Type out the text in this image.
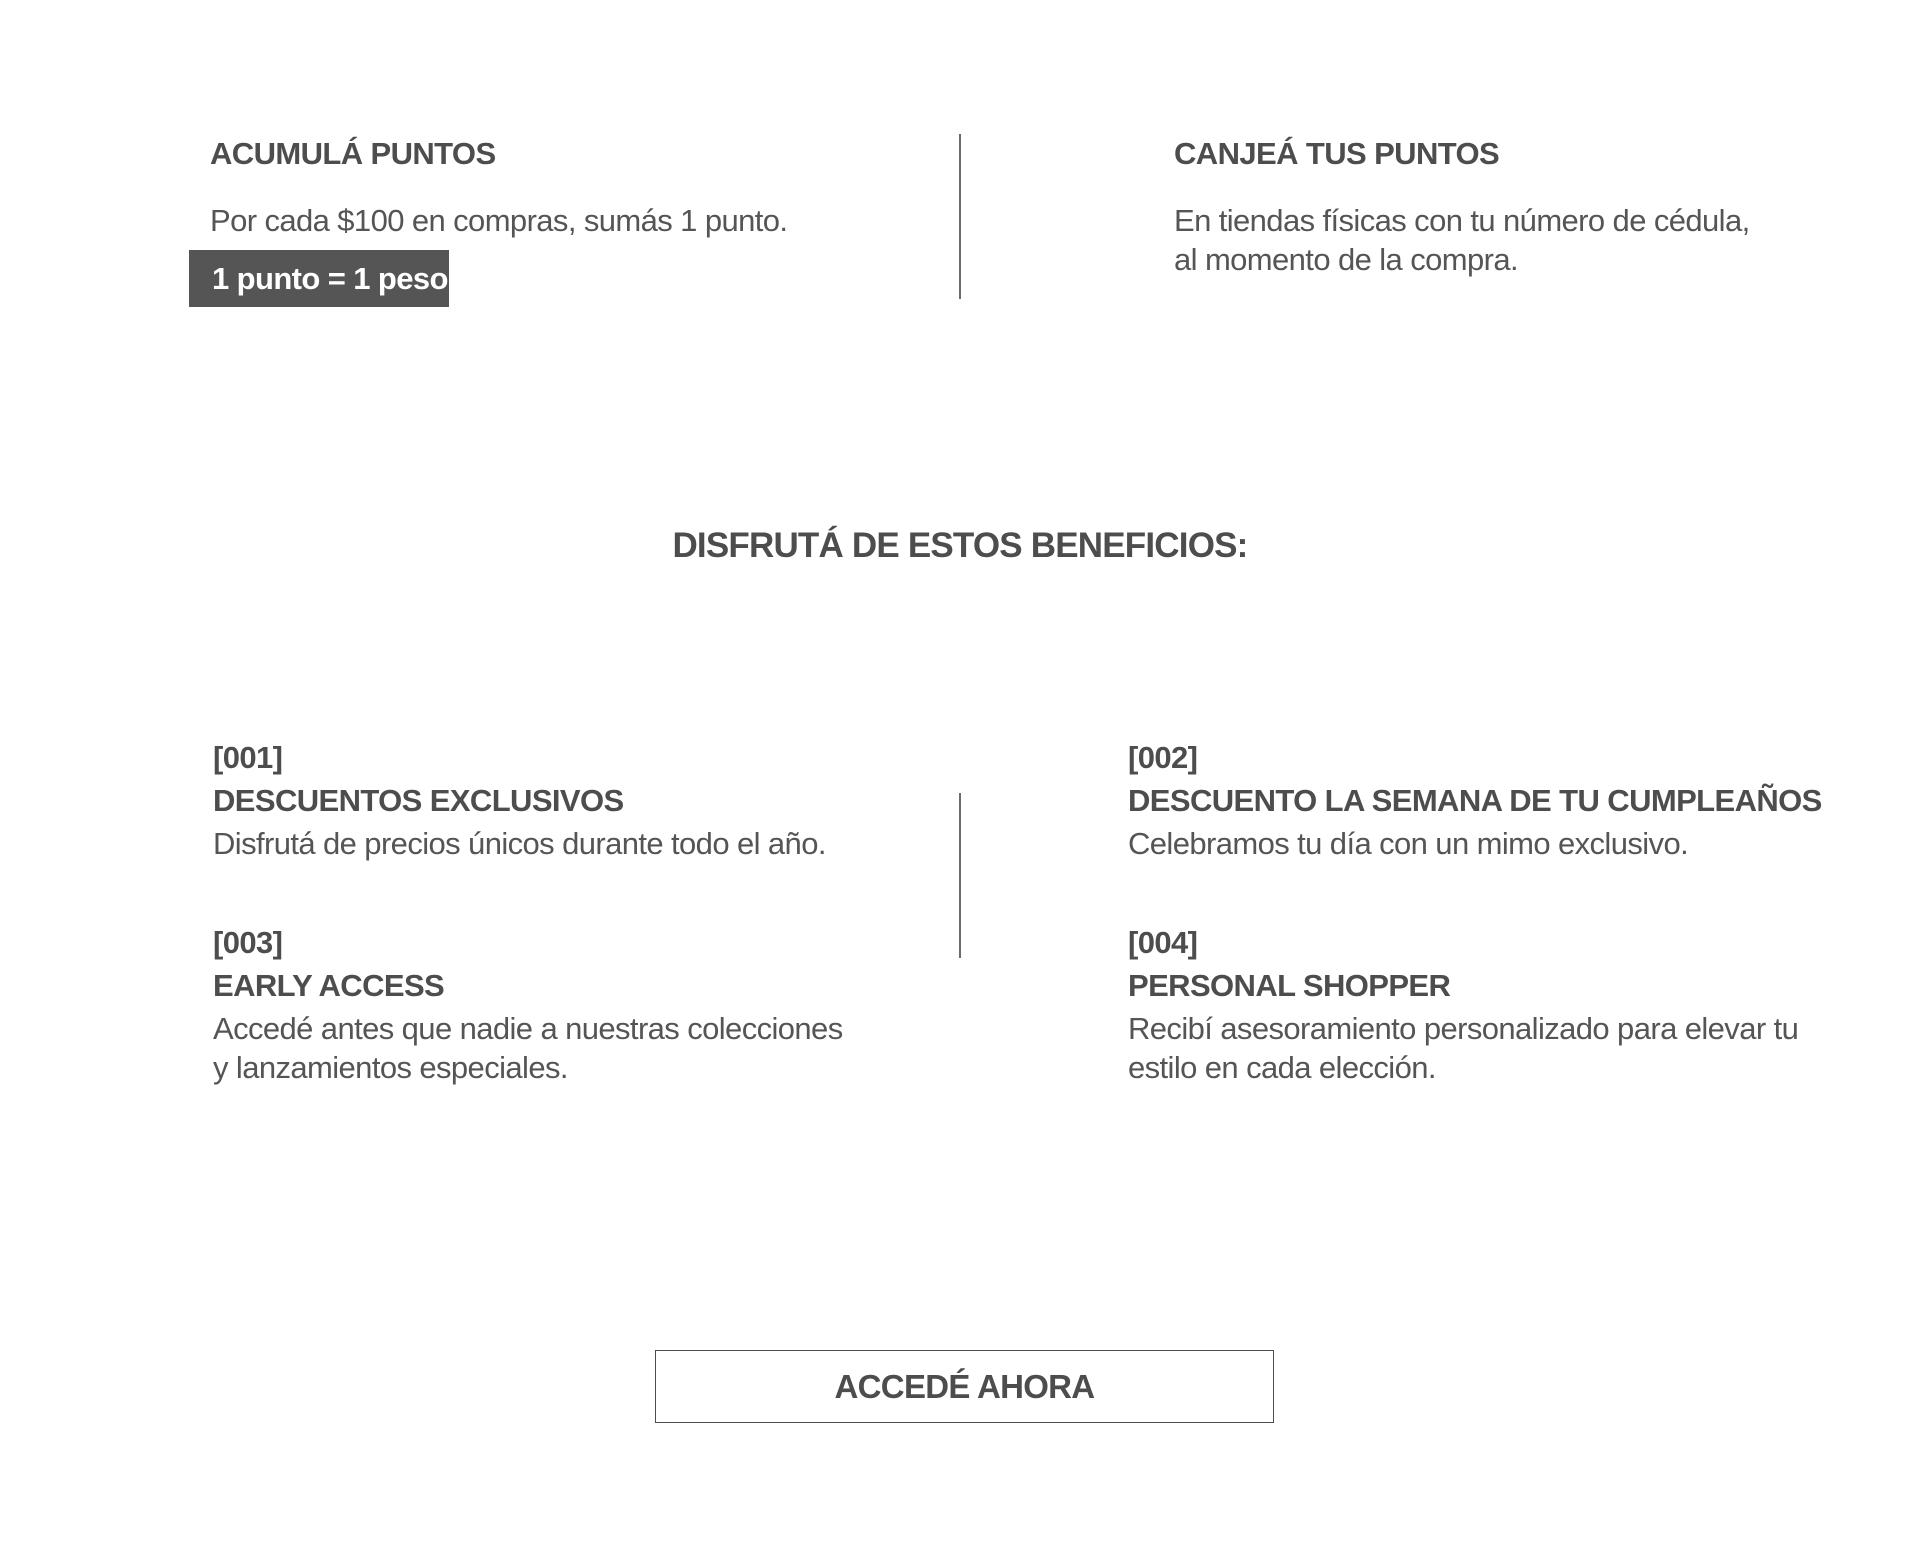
ACUMULÁ PUNTOS

Por cada $100 en compras, sumás 1 punto.

1 punto = 1 peso
CANJEÁ TUS PUNTOS

En tiendas físicas con tu número de cédula,
al momento de la compra.

DISFRUTÁ DE ESTOS BENEFICIOS:
[001]
DESCUENTOS EXCLUSIVOS
Disfrutá de precios únicos durante todo el año.
[002]
DESCUENTO LA SEMANA DE TU CUMPLEAÑOS
Celebramos tu día con un mimo exclusivo.
[003]
EARLY ACCESS
Accedé antes que nadie a nuestras colecciones
y lanzamientos especiales.
[004]
PERSONAL SHOPPER
Recibí asesoramiento personalizado para elevar tu
estilo en cada elección.
ACCEDÉ AHORA
